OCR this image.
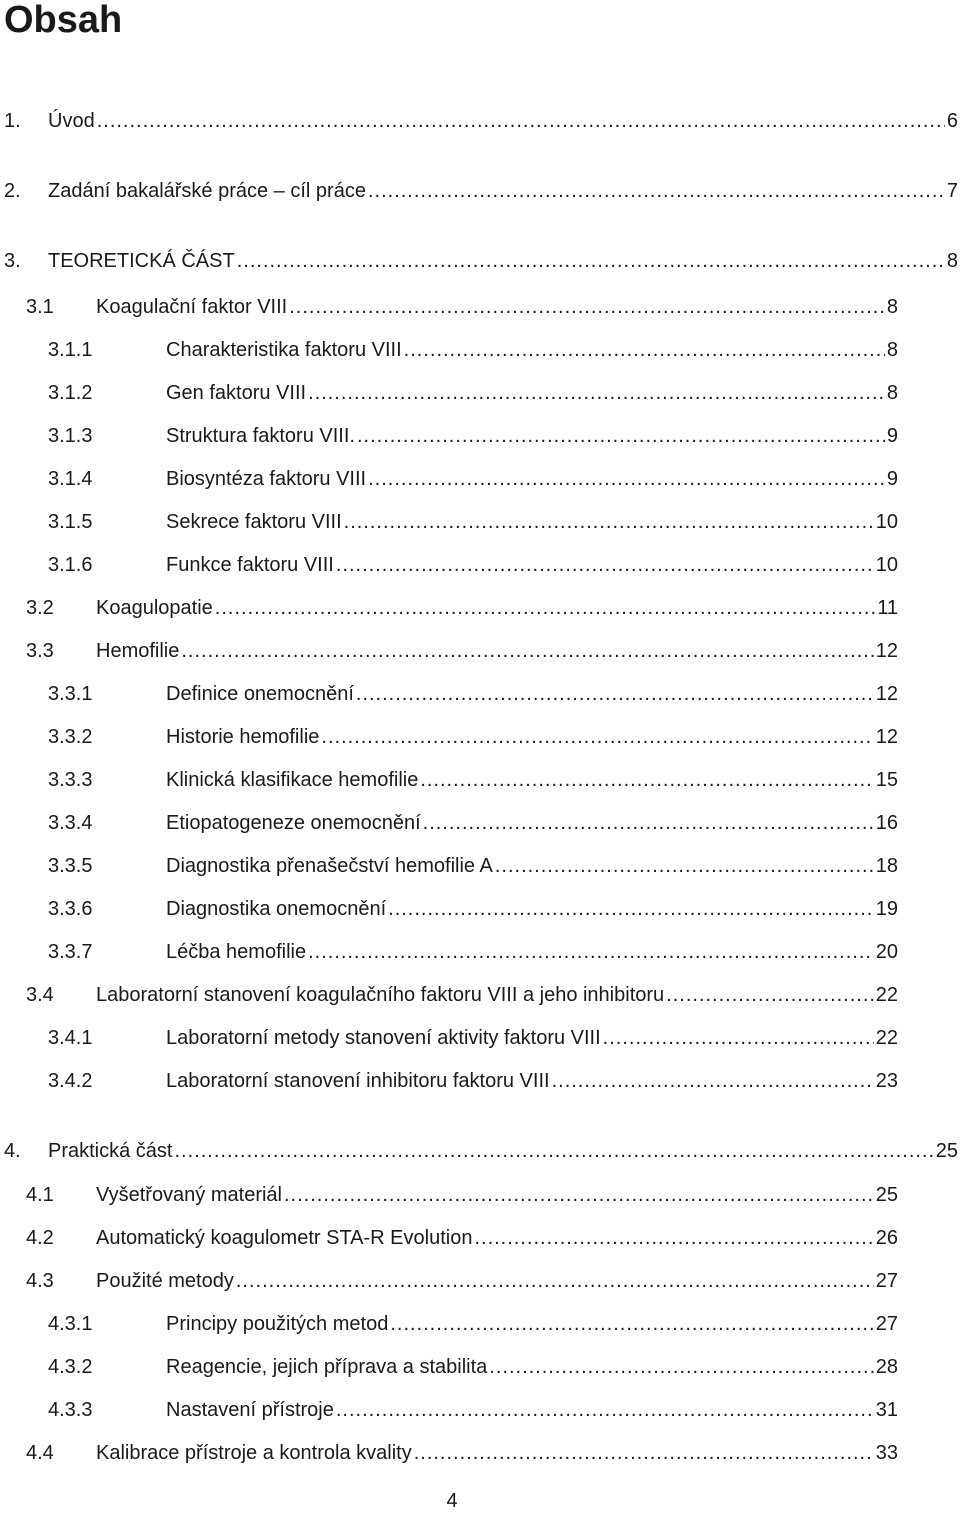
Obsah
1. Úvod .....	6
2. Zadání bakalářské práce – cíl práce .....	7
3. TEORETICKÁ ČÁST .....	8
3.1 Koagulační faktor VIII .....	8
3.1.1	Charakteristika faktoru VIII .....	8
3.1.2	Gen faktoru VIII .....	8
3.1.3	Struktura faktoru VIII. .....	9
3.1.4	Biosyntéza faktoru VIII .....	9
3.1.5	Sekrece faktoru VIII .....	10
3.1.6	Funkce faktoru VIII .....	10
3.2 Koagulopatie .....	11
3.3 Hemofilie .....	12
3.3.1	Definice onemocnění .....	12
3.3.2	Historie hemofilie .....	12
3.3.3	Klinická klasifikace hemofilie .....	15
3.3.4	Etiopatogeneze onemocnění .....	16
3.3.5	Diagnostika přenašečství hemofilie A .....	18
3.3.6	Diagnostika onemocnění .....	19
3.3.7	Léčba hemofilie .....	20
3.4 Laboratorní stanovení koagulačního faktoru VIII a jeho inhibitoru .....	22
3.4.1	Laboratorní metody stanovení aktivity faktoru VIII .....	22
3.4.2	Laboratorní stanovení inhibitoru faktoru VIII .....	23
4. Praktická část .....	25
4.1 Vyšetřovaný materiál .....	25
4.2 Automatický koagulometr STA-R Evolution .....	26
4.3 Použité metody .....	27
4.3.1	Principy použitých metod .....	27
4.3.2	Reagencie, jejich příprava a stabilita .....	28
4.3.3	Nastavení přístroje .....	31
4.4 Kalibrace přístroje a kontrola kvality .....	33
4
